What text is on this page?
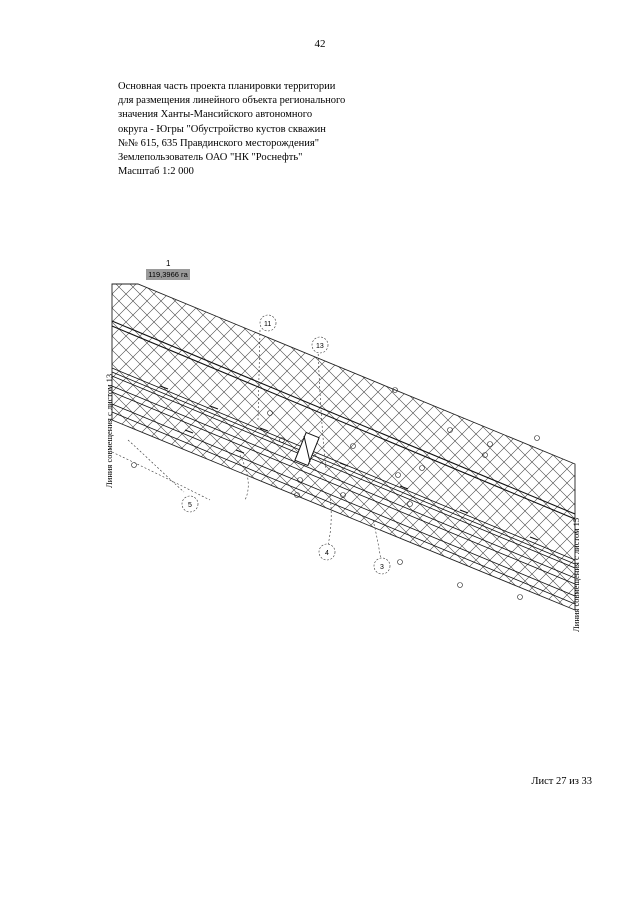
42
Основная часть проекта планировки территории
для размещения линейного объекта регионального
значения Ханты-Мансийского автономного
округа - Югры "Обустройство кустов скважин
№№ 615, 635 Правдинского месторождения"
Землепользователь ОАО "НК "Роснефть"
Масштаб 1:2 000
11
13
5
4
3
1
119,3966 га
Линия совмещения с листом 13
Линия совмещения с листом 15
Лист 27 из 33
